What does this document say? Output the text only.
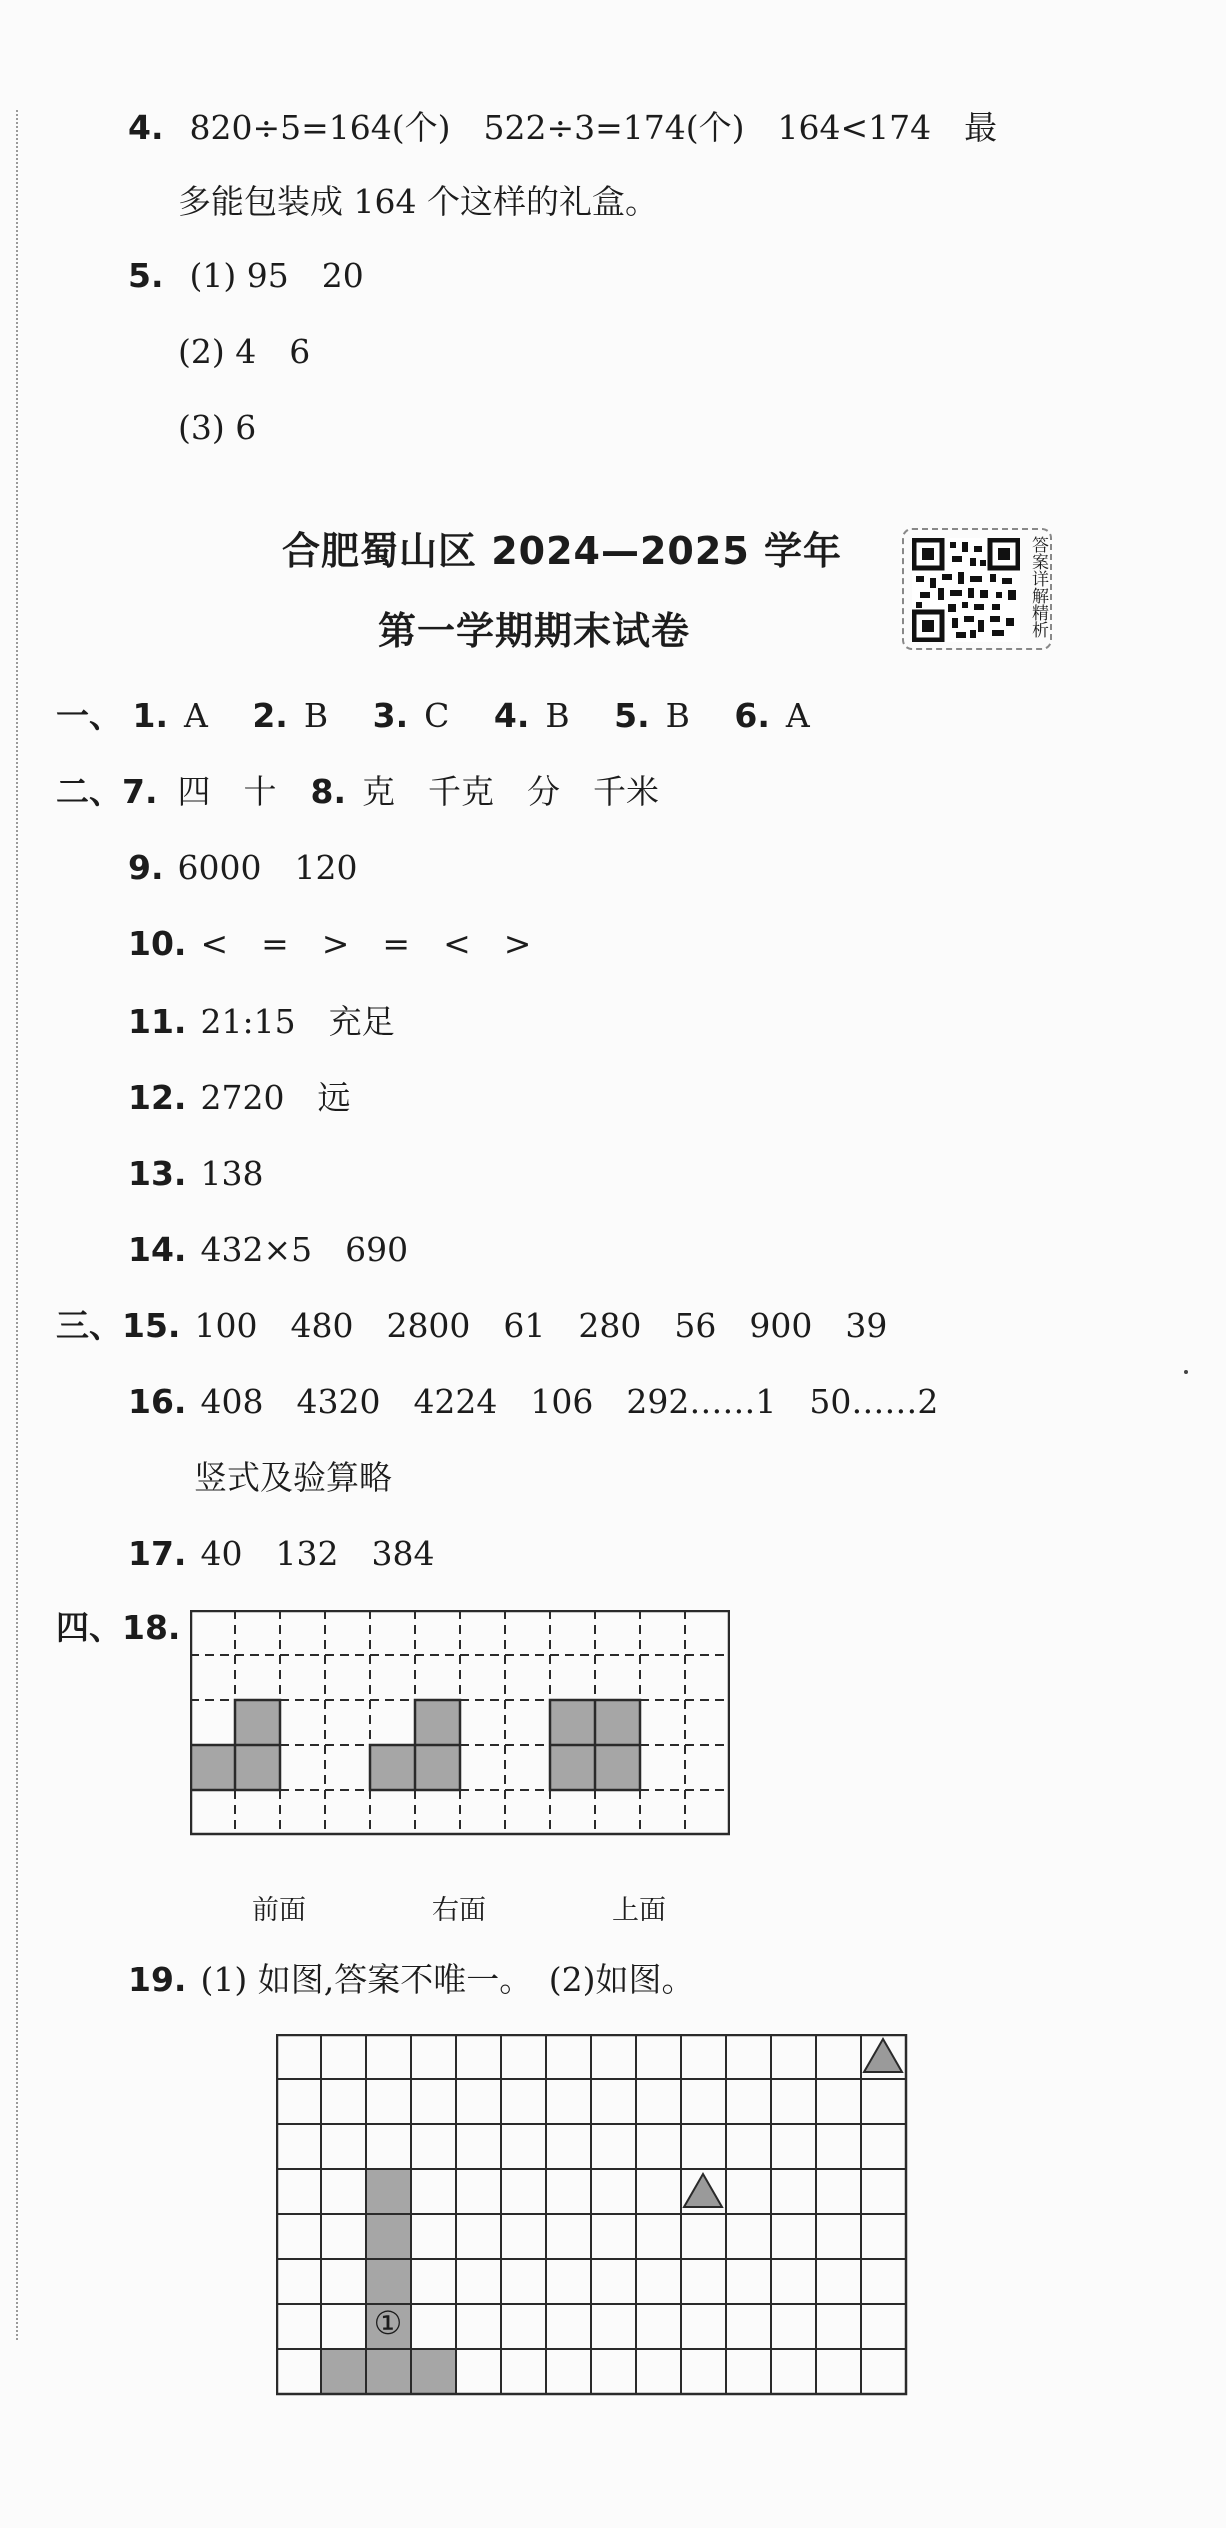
4. 820÷5=164(个)　522÷3=174(个)　164<174　最
多能包装成 164 个这样的礼盒。
5. (1) 95　20
(2) 4　6
(3) 6
合肥蜀山区 2024—2025 学年
第一学期期末试卷	答案详解精析
一、 1. A 2. B 3. C 4. B 5. B 6. A
二、7. 四　十 8. 克　千克　分　千米
9. 6000　120
10. <　=　>　=　<　>
11. 21:15　充足
12. 2720　远
13. 138
14. 432×5　690
三、15. 100　480　2800　61　280　56　900　39
16. 408　4320　4224　106　292……1　50……2
竖式及验算略
17. 40　132　384
四、18.
前面	右面	上面
19. (1) 如图,答案不唯一。　(2)如图。
①
